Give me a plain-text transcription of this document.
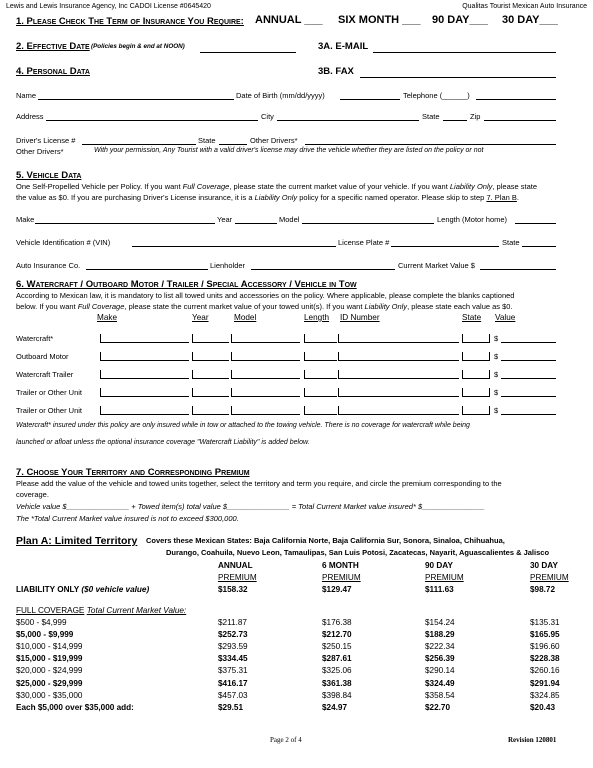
Lewis and Lewis Insurance Agency, Inc CADOI License #0645420	Qualitas Tourist Mexican Auto Insurance
1. Please Check The Term of Insurance You Require: ANNUAL ___ SIX MONTH ___ 90 DAY___ 30 DAY___
2. Effective Date (Policies begin & end at NOON)	3A. E-MAIL
4. Personal Data	3B. FAX
Name	Date of Birth (mm/dd/yyyy)	Telephone (______)
Address	City	State	Zip
Driver's License #	State	Other Drivers*
Other Drivers*	With your permission, Any Tourist with a valid driver's license may drive the vehicle whether they are listed on the policy or not
5. Vehicle Data
One Self-Propelled Vehicle per Policy. If you want Full Coverage, please state the current market value of your vehicle. If you want Liability Only, please state
the value as $0. If you are purchasing Driver's License insurance, it is a Liability Only policy for a specific named operator. Please skip to step 7. Plan B.
Make	Year	Model	Length (Motor home)
Vehicle Identification # (VIN)	License Plate #	State
Auto Insurance Co.	Lienholder	Current Market Value $
6. Watercraft / Outboard Motor / Trailer / Special Accessory / Vehicle in Tow
According to Mexican law, it is mandatory to list all towed units and accessories on the policy. Where applicable, please complete the blanks captioned
below. If you want Full Coverage, please state the current market value of your towed unit(s). If you want Liability Only, please state each value as $0.
Make	Year	Model	Length ID Number	State Value
Watercraft*	$
Outboard Motor	$
Watercraft Trailer	$
Trailer or Other Unit	$
Trailer or Other Unit	$
Watercraft* insured under this policy are only insured while in tow or attached to the towing vehicle. There is no coverage for watercraft while being
launched or afloat unless the optional insurance coverage "Watercraft Liability" is added below.
7. Choose Your Territory and Corresponding Premium
Please add the value of the vehicle and towed units together, select the territory and term you require, and circle the premium corresponding to the
coverage.
Vehicle value $_______________ + Towed item(s) total value $_______________ = Total Current Market value insured* $_______________
The *Total Current Market value insured is not to exceed $300,000.
Plan A: Limited Territory Covers these Mexican States: Baja California Norte, Baja California Sur, Sonora, Sinaloa, Chihuahua,
Durango, Coahuila, Nuevo Leon, Tamaulipas, San Luis Potosi, Zacatecas, Nayarit, Aguascalientes & Jalisco
ANNUAL	6 MONTH	90 DAY	30 DAY
PREMIUM	PREMIUM	PREMIUM	PREMIUM
LIABILITY ONLY ($0 vehicle value)	$158.32	$129.47	$111.63	$98.72
FULL COVERAGE Total Current Market Value:
$500 - $4,999	$211.87	$176.38	$154.24	$135.31
$5,000 - $9,999	$252.73	$212.70	$188.29	$165.95
$10,000 - $14,999	$293.59	$250.15	$222.34	$196.60
$15,000 - $19,999	$334.45	$287.61	$256.39	$228.38
$20,000 - $24,999	$375.31	$325.06	$290.14	$260.16
$25,000 - $29,999	$416.17	$361.38	$324.49	$291.94
$30,000 - $35,000	$457.03	$398.84	$358.54	$324.85
Each $5,000 over $35,000 add:	$29.51	$24.97	$22.70	$20.43
Page 2 of 4	Revision 120801
